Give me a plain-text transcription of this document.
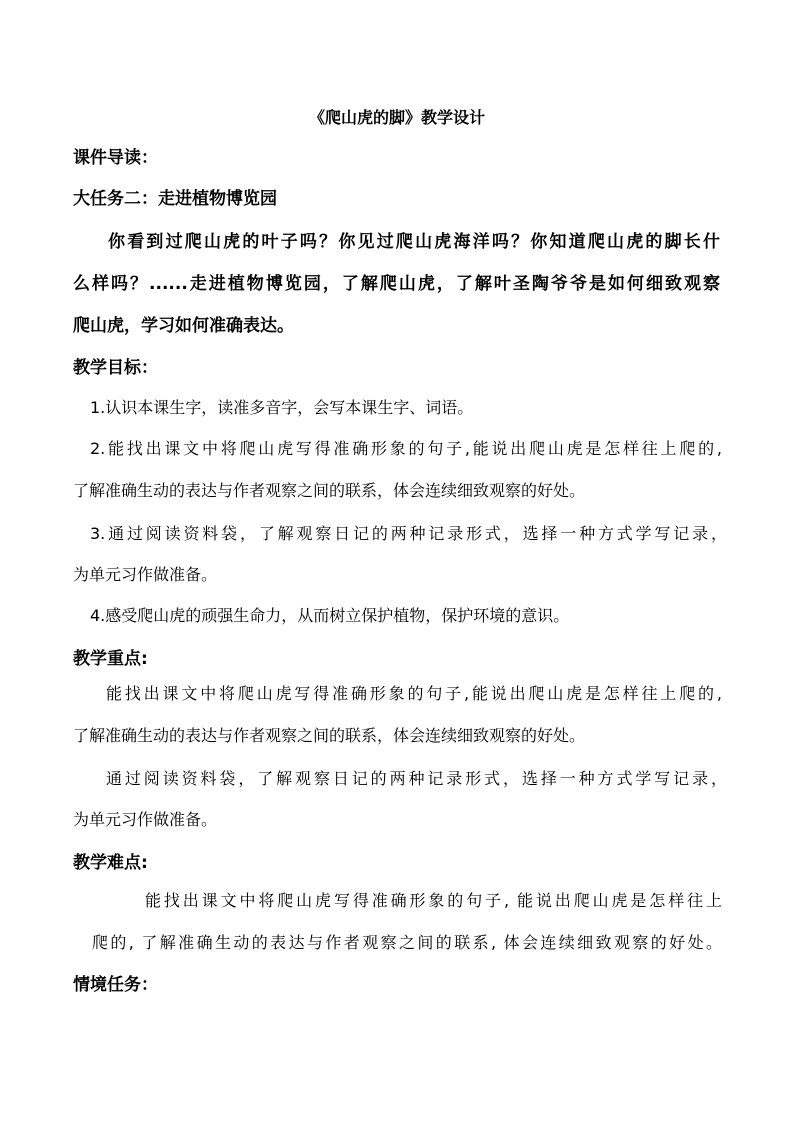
《爬山虎的脚》教学设计
课件导读：
大任务二：走进植物博览园
你看到过爬山虎的叶子吗？你见过爬山虎海洋吗？你知道爬山虎的脚长什
么样吗？......走进植物博览园，了解爬山虎，了解叶圣陶爷爷是如何细致观察
爬山虎，学习如何准确表达。
教学目标：
1.认识本课生字，读准多音字，会写本课生字、词语。
2.能找出课文中将爬山虎写得准确形象的句子,能说出爬山虎是怎样往上爬的,
了解准确生动的表达与作者观察之间的联系，体会连续细致观察的好处。
3.通过阅读资料袋，了解观察日记的两种记录形式，选择一种方式学写记录，
为单元习作做准备。
4.感受爬山虎的顽强生命力，从而树立保护植物，保护环境的意识。
教学重点:
能找出课文中将爬山虎写得准确形象的句子,能说出爬山虎是怎样往上爬的,
了解准确生动的表达与作者观察之间的联系，体会连续细致观察的好处。
通过阅读资料袋，了解观察日记的两种记录形式，选择一种方式学写记录，
为单元习作做准备。
教学难点:
能找出课文中将爬山虎写得准确形象的句子, 能说出爬山虎是怎样往上
爬的, 了解准确生动的表达与作者观察之间的联系, 体会连续细致观察的好处。
情境任务：
